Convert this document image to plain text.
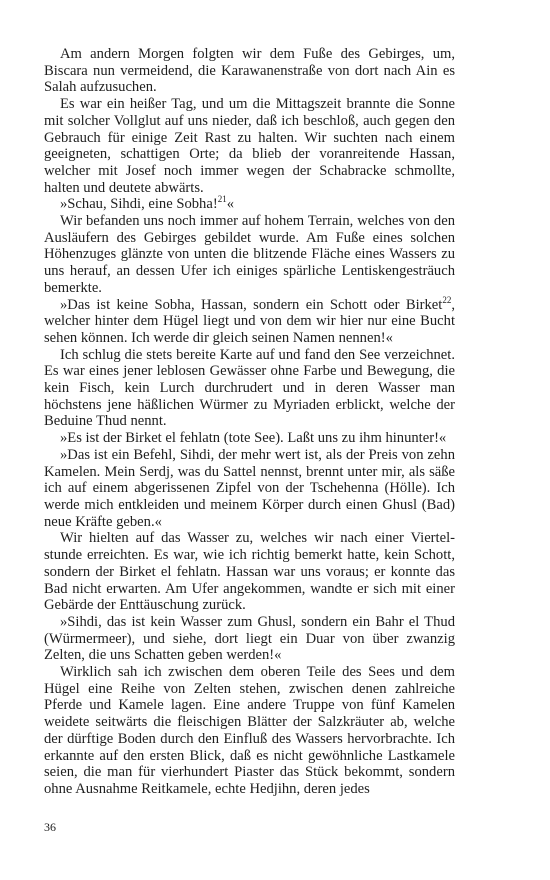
Am andern Morgen folgten wir dem Fuße des Gebirges, um, Biscara nun vermeidend, die Karawanenstraße von dort nach Ain es Salah aufzusuchen.

Es war ein heißer Tag, und um die Mittagszeit brannte die Sonne mit solcher Vollglut auf uns nieder, daß ich beschloß, auch gegen den Gebrauch für einige Zeit Rast zu halten. Wir suchten nach einem geeigneten, schattigen Orte; da blieb der voranreitende Hassan, welcher mit Josef noch immer wegen der Schabracke schmollte, halten und deutete abwärts.

»Schau, Sihdi, eine Sobha!$^{21}$«

Wir befanden uns noch immer auf hohem Terrain, welches von den Ausläufern des Gebirges gebildet wurde. Am Fuße eines solchen Höhenzuges glänzte von unten die blitzende Fläche eines Wassers zu uns herauf, an dessen Ufer ich einiges spärliche Lentiskengesträuch bemerkte.

»Das ist keine Sobha, Hassan, sondern ein Schott oder Birket$^{22}$, welcher hinter dem Hügel liegt und von dem wir hier nur eine Bucht sehen können. Ich werde dir gleich seinen Namen nennen!«

Ich schlug die stets bereite Karte auf und fand den See verzeichnet. Es war eines jener leblosen Gewässer ohne Farbe und Bewegung, die kein Fisch, kein Lurch durchrudert und in deren Wasser man höchstens jene häßlichen Würmer zu Myriaden erblickt, welche der Beduine Thud nennt.

»Es ist der Birket el fehlatn (tote See). Laßt uns zu ihm hinunter!«

»Das ist ein Befehl, Sihdi, der mehr wert ist, als der Preis von zehn Kamelen. Mein Serdj, was du Sattel nennst, brennt unter mir, als säße ich auf einem abgerissenen Zipfel von der Tschehenna (Hölle). Ich werde mich entkleiden und meinem Körper durch einen Ghusl (Bad) neue Kräfte geben.«

Wir hielten auf das Wasser zu, welches wir nach einer Viertelstunde erreichten. Es war, wie ich richtig bemerkt hatte, kein Schott, sondern der Birket el fehlatn. Hassan war uns voraus; er konnte das Bad nicht erwarten. Am Ufer angekommen, wandte er sich mit einer Gebärde der Enttäuschung zurück.

»Sihdi, das ist kein Wasser zum Ghusl, sondern ein Bahr el Thud (Würmermeer), und siehe, dort liegt ein Duar von über zwanzig Zelten, die uns Schatten geben werden!«

Wirklich sah ich zwischen dem oberen Teile des Sees und dem Hügel eine Reihe von Zelten stehen, zwischen denen zahlreiche Pferde und Kamele lagen. Eine andere Truppe von fünf Kamelen weidete seitwärts die fleischigen Blätter der Salzkräuter ab, welche der dürftige Boden durch den Einfluß des Wassers hervorbrachte. Ich erkannte auf den ersten Blick, daß es nicht gewöhnliche Lastkamele seien, die man für vierhundert Piaster das Stück bekommt, sondern ohne Ausnahme Reitkamele, echte Hedjihn, deren jedes

36
